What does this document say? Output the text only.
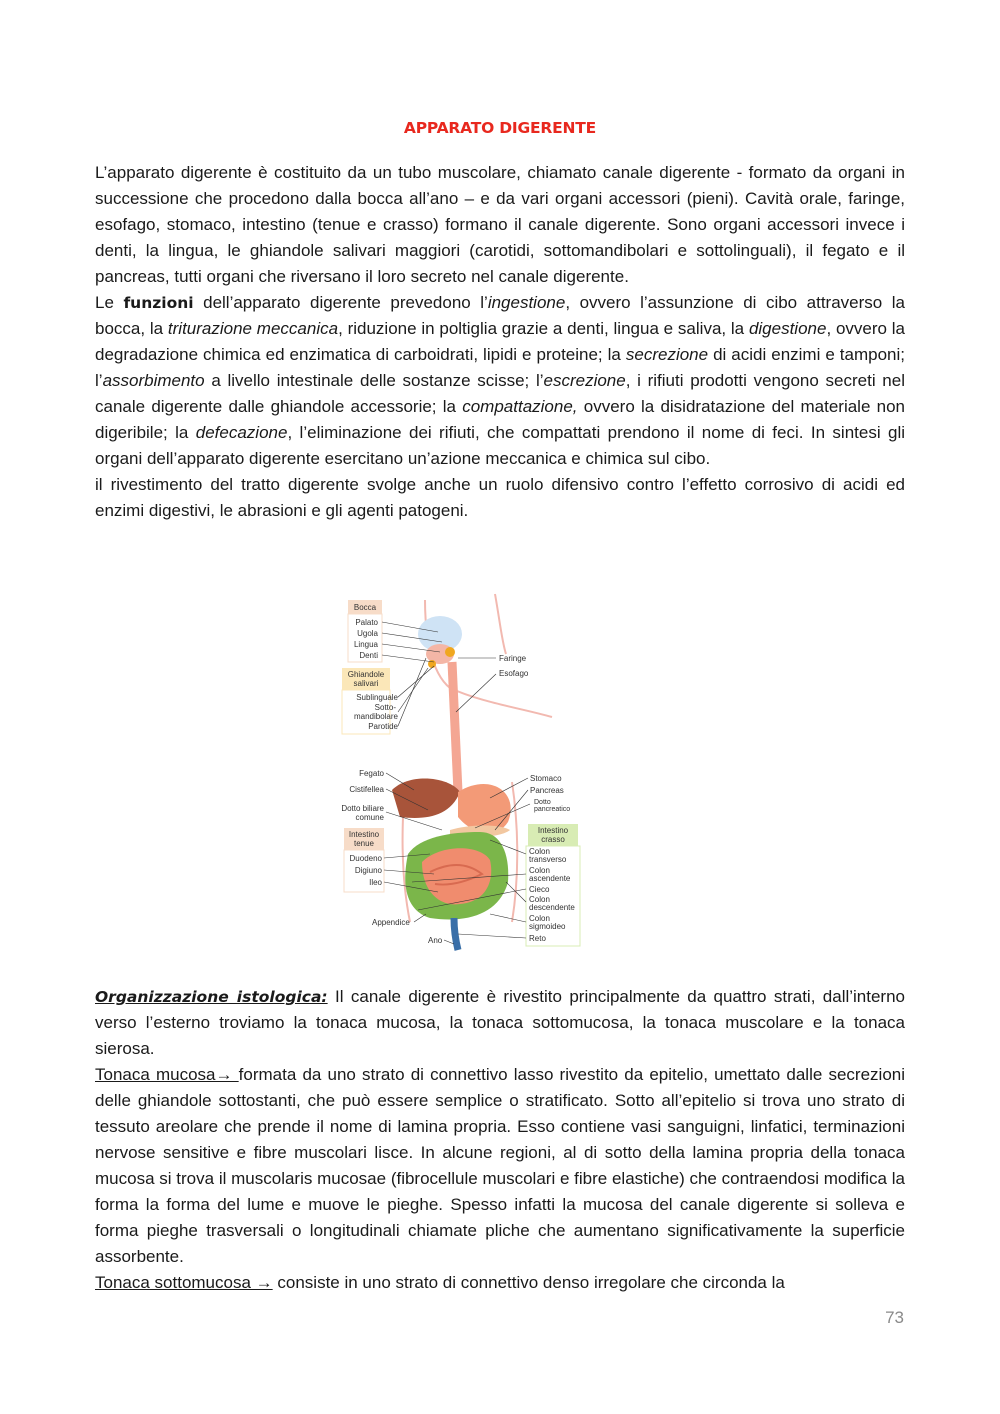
APPARATO DIGERENTE

L’apparato digerente è costituito da un tubo muscolare, chiamato canale digerente - formato da organi in successione che procedono dalla bocca all’ano – e da vari organi accessori (pieni). Cavità orale, faringe, esofago, stomaco, intestino (tenue e crasso) formano il canale digerente. Sono organi accessori invece i denti, la lingua, le ghiandole salivari maggiori (carotidi, sottomandibolari e sottolinguali), il fegato e il pancreas, tutti organi che riversano il loro secreto nel canale digerente.

Le funzioni dell’apparato digerente prevedono l’ingestione, ovvero l’assunzione di cibo attraverso la bocca, la triturazione meccanica, riduzione in poltiglia grazie a denti, lingua e saliva, la digestione, ovvero la degradazione chimica ed enzimatica di carboidrati, lipidi e proteine; la secrezione di acidi enzimi e tamponi; l’assorbimento a livello intestinale delle sostanze scisse; l’escrezione, i rifiuti prodotti vengono secreti nel canale digerente dalle ghiandole accessorie; la compattazione, ovvero la disidratazione del materiale non digeribile; la defecazione, l’eliminazione dei rifiuti, che compattati prendono il nome di feci. In sintesi gli organi dell’apparato digerente esercitano un’azione meccanica e chimica sul cibo.

il rivestimento del tratto digerente svolge anche un ruolo difensivo contro l’effetto corrosivo di acidi ed enzimi digestivi, le abrasioni e gli agenti patogeni.

Bocca
Palato
Ugola
Lingua
Denti
Ghiandole
salivari
Sublinguale
Sotto-
mandibolare
Parotide
Faringe
Esofago
Fegato
Cistifellea
Dotto biliare
comune
Stomaco
Pancreas
Dotto
pancreatico
Intestino
tenue
Duodeno
Digiuno
Ileo
Intestino
crasso
Colon
transverso
Colon
ascendente
Cieco
Colon
descendente
Colon
sigmoideo
Reto
Appendice
Ano

Organizzazione istologica: Il canale digerente è rivestito principalmente da quattro strati, dall’interno verso l’esterno troviamo la tonaca mucosa, la tonaca sottomucosa, la tonaca muscolare e la tonaca sierosa.

Tonaca mucosa→ formata da uno strato di connettivo lasso rivestito da epitelio, umettato dalle secrezioni delle ghiandole sottostanti, che può essere semplice o stratificato. Sotto all’epitelio si trova uno strato di tessuto areolare che prende il nome di lamina propria. Esso contiene vasi sanguigni, linfatici, terminazioni nervose sensitive e fibre muscolari lisce. In alcune regioni, al di sotto della lamina propria della tonaca mucosa si trova il muscolaris mucosae (fibrocellule muscolari e fibre elastiche) che contraendosi modifica la forma la forma del lume e muove le pieghe. Spesso infatti la mucosa del canale digerente si solleva e forma pieghe trasversali o longitudinali chiamate pliche che aumentano significativamente la superficie assorbente.

Tonaca sottomucosa → consiste in uno strato di connettivo denso irregolare che circonda la

73
